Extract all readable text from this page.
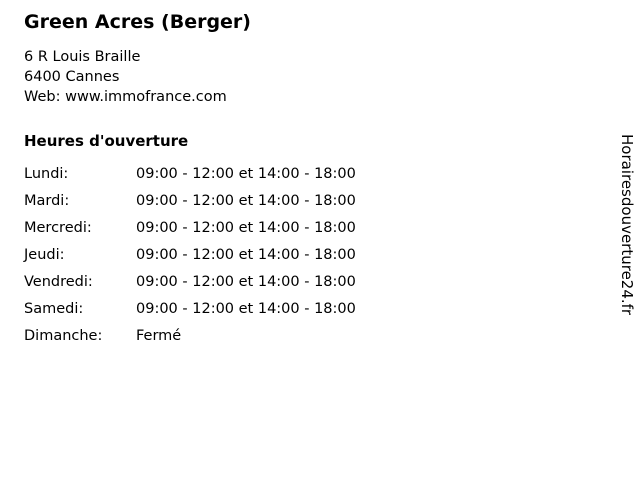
Green Acres (Berger)

6 R Louis Braille

6400 Cannes

Web: www.immofrance.com

Heures d'ouverture
Lundi:	09:00 - 12:00 et 14:00 - 18:00
Mardi:	09:00 - 12:00 et 14:00 - 18:00
Mercredi:	09:00 - 12:00 et 14:00 - 18:00
Jeudi:	09:00 - 12:00 et 14:00 - 18:00
Vendredi:	09:00 - 12:00 et 14:00 - 18:00
Samedi:	09:00 - 12:00 et 14:00 - 18:00
Dimanche:	Fermé
Horairesdouverture24.fr
